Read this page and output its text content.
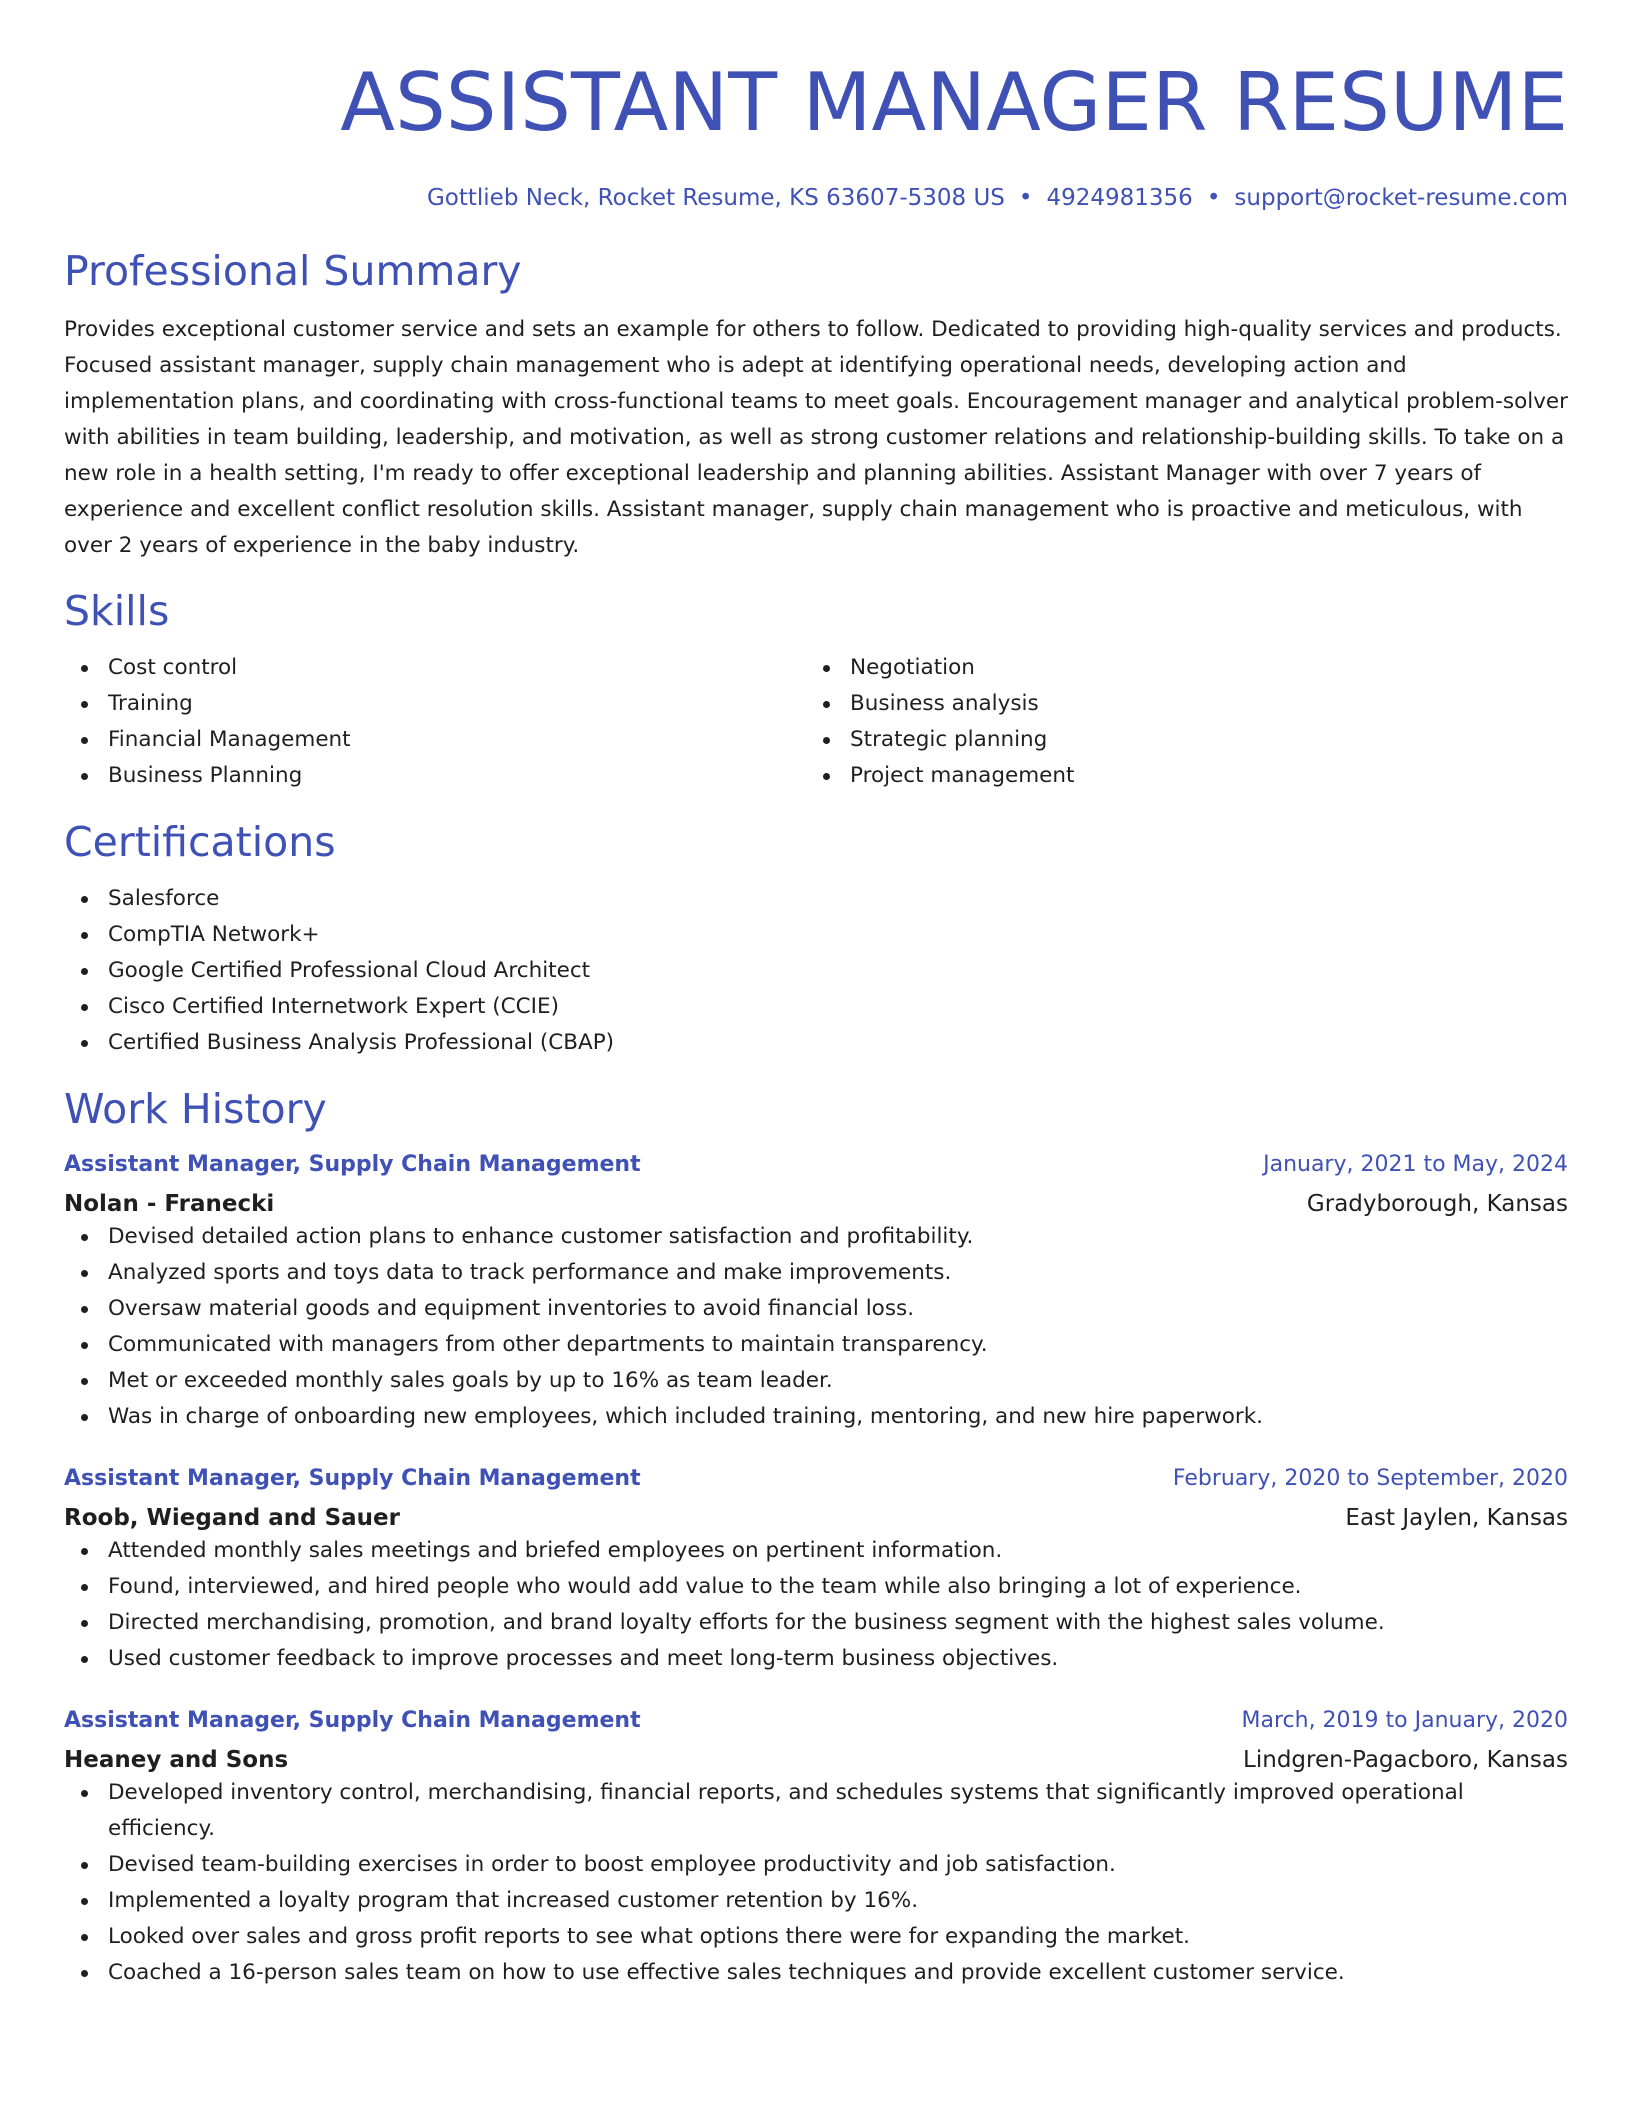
ASSISTANT MANAGER RESUME
Gottlieb Neck, Rocket Resume, KS 63607-5308 US • 4924981356 • support@rocket-resume.com
Professional Summary

Provides exceptional customer service and sets an example for others to follow. Dedicated to providing high-quality services and products. Focused assistant manager, supply chain management who is adept at identifying operational needs, developing action and implementation plans, and coordinating with cross-functional teams to meet goals. Encouragement manager and analytical problem-solver with abilities in team building, leadership, and motivation, as well as strong customer relations and relationship-building skills. To take on a new role in a health setting, I'm ready to offer exceptional leadership and planning abilities. Assistant Manager with over 7 years of experience and excellent conflict resolution skills. Assistant manager, supply chain management who is proactive and meticulous, with over 2 years of experience in the baby industry.

Skills
Cost control
Training
Financial Management
Business Planning
Negotiation
Business analysis
Strategic planning
Project management
Certifications
Salesforce
CompTIA Network+
Google Certified Professional Cloud Architect
Cisco Certified Internetwork Expert (CCIE)
Certified Business Analysis Professional (CBAP)
Work History
Assistant Manager, Supply Chain Management	January, 2021 to May, 2024
Nolan - Franecki	Gradyborough, Kansas
Devised detailed action plans to enhance customer satisfaction and profitability.
Analyzed sports and toys data to track performance and make improvements.
Oversaw material goods and equipment inventories to avoid financial loss.
Communicated with managers from other departments to maintain transparency.
Met or exceeded monthly sales goals by up to 16% as team leader.
Was in charge of onboarding new employees, which included training, mentoring, and new hire paperwork.
Assistant Manager, Supply Chain Management	February, 2020 to September, 2020
Roob, Wiegand and Sauer	East Jaylen, Kansas
Attended monthly sales meetings and briefed employees on pertinent information.
Found, interviewed, and hired people who would add value to the team while also bringing a lot of experience.
Directed merchandising, promotion, and brand loyalty efforts for the business segment with the highest sales volume.
Used customer feedback to improve processes and meet long-term business objectives.
Assistant Manager, Supply Chain Management	March, 2019 to January, 2020
Heaney and Sons	Lindgren-Pagacboro, Kansas
Developed inventory control, merchandising, financial reports, and schedules systems that significantly improved operational efficiency.
Devised team-building exercises in order to boost employee productivity and job satisfaction.
Implemented a loyalty program that increased customer retention by 16%.
Looked over sales and gross profit reports to see what options there were for expanding the market.
Coached a 16-person sales team on how to use effective sales techniques and provide excellent customer service.
